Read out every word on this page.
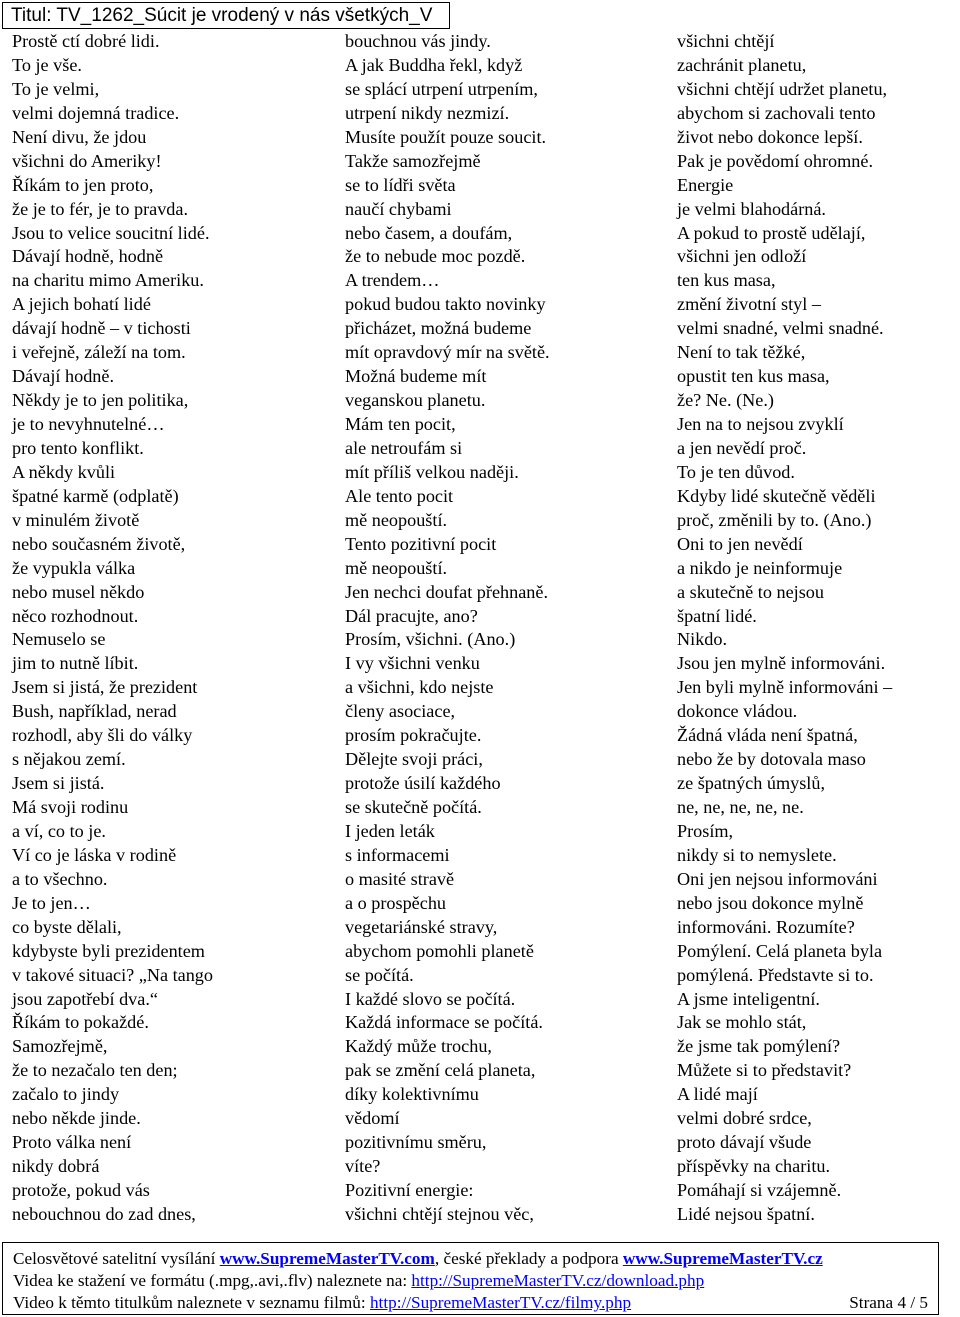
Titul: TV_1262_Súcit je vrodený v nás všetkých_V
Prostě ctí dobré lidi.
To je vše.
To je velmi,
velmi dojemná tradice.
Není divu, že jdou
všichni do Ameriky!
Říkám to jen proto,
že je to fér, je to pravda.
Jsou to velice soucitní lidé.
Dávají hodně, hodně
na charitu mimo Ameriku.
A jejich bohatí lidé
dávají hodně – v tichosti
i veřejně, záleží na tom.
Dávají hodně.
Někdy je to jen politika,
je to nevyhnutelné…
pro tento konflikt.
A někdy kvůli
špatné karmě (odplatě)
v minulém životě
nebo současném životě,
že vypukla válka
nebo musel někdo
něco rozhodnout.
Nemuselo se
jim to nutně líbit.
Jsem si jistá, že prezident
Bush, například, nerad
rozhodl, aby šli do války
s nějakou zemí.
Jsem si jistá.
Má svoji rodinu
a ví, co to je.
Ví co je láska v rodině
a to všechno.
Je to jen…
co byste dělali,
kdybyste byli prezidentem
v takové situaci? „Na tango
jsou zapotřebí dva.“
Říkám to pokaždé.
Samozřejmě,
že to nezačalo ten den;
začalo to jindy
nebo někde jinde.
Proto válka není
nikdy dobrá
protože, pokud vás
nebouchnou do zad dnes,
bouchnou vás jindy.
A jak Buddha řekl, když
se splácí utrpení utrpením,
utrpení nikdy nezmizí.
Musíte použít pouze soucit.
Takže samozřejmě
se to lídři světa
naučí chybami
nebo časem, a doufám,
že to nebude moc pozdě.
A trendem…
pokud budou takto novinky
přicházet, možná budeme
mít opravdový mír na světě.
Možná budeme mít
veganskou planetu.
Mám ten pocit,
ale netroufám si
mít příliš velkou naději.
Ale tento pocit
mě neopouští.
Tento pozitivní pocit
mě neopouští.
Jen nechci doufat přehnaně.
Dál pracujte, ano?
Prosím, všichni. (Ano.)
I vy všichni venku
a všichni, kdo nejste
členy asociace,
prosím pokračujte.
Dělejte svoji práci,
protože úsilí každého
se skutečně počítá.
I jeden leták
s informacemi
o masité stravě
a o prospěchu
vegetariánské stravy,
abychom pomohli planetě
se počítá.
I každé slovo se počítá.
Každá informace se počítá.
Každý může trochu,
pak se změní celá planeta,
díky kolektivnímu
vědomí
pozitivnímu směru,
víte?
Pozitivní energie:
všichni chtějí stejnou věc,
všichni chtějí
zachránit planetu,
všichni chtějí udržet planetu,
abychom si zachovali tento
život nebo dokonce lepší.
Pak je povědomí ohromné.
Energie
je velmi blahodárná.
A pokud to prostě udělají,
všichni jen odloží
ten kus masa,
změní životní styl –
velmi snadné, velmi snadné.
Není to tak těžké,
opustit ten kus masa,
že? Ne. (Ne.)
Jen na to nejsou zvyklí
a jen nevědí proč.
To je ten důvod.
Kdyby lidé skutečně věděli
proč, změnili by to. (Ano.)
Oni to jen nevědí
a nikdo je neinformuje
a skutečně to nejsou
špatní lidé.
Nikdo.
Jsou jen mylně informováni.
Jen byli mylně informováni –
dokonce vládou.
Žádná vláda není špatná,
nebo že by dotovala maso
ze špatných úmyslů,
ne, ne, ne, ne, ne.
Prosím,
nikdy si to nemyslete.
Oni jen nejsou informováni
nebo jsou dokonce mylně
informováni. Rozumíte?
Pomýlení. Celá planeta byla
pomýlená. Představte si to.
A jsme inteligentní.
Jak se mohlo stát,
že jsme tak pomýlení?
Můžete si to představit?
A lidé mají
velmi dobré srdce,
proto dávají všude
příspěvky na charitu.
Pomáhají si vzájemně.
Lidé nejsou špatní.
Celosvětové satelitní vysílání www.SupremeMasterTV.com, české překlady a podpora www.SupremeMasterTV.cz
Videa ke stažení ve formátu (.mpg,.avi,.flv) naleznete na: http://SupremeMasterTV.cz/download.php
Video k těmto titulkům naleznete v seznamu filmů: http://SupremeMasterTV.cz/filmy.php	Strana 4 / 5
